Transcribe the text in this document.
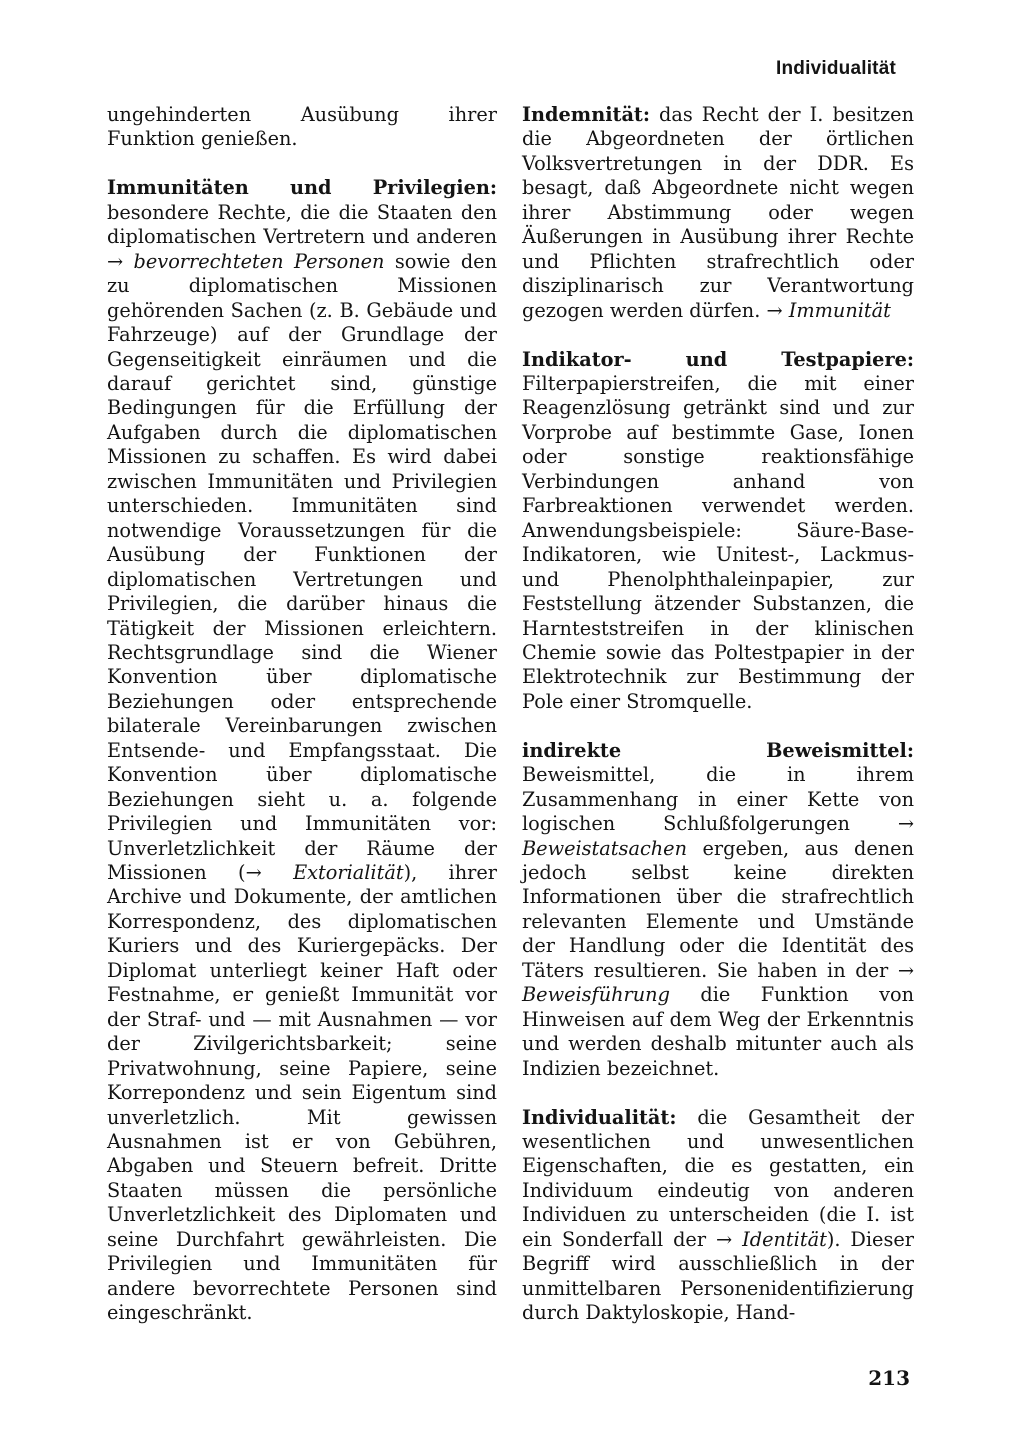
Individualität

ungehinderten Ausübung ihrer Funktion genießen.

Immunitäten und Privilegien: besondere Rechte, die die Staaten den diplomatischen Vertretern und anderen → bevorrechteten Personen sowie den zu diplomatischen Missionen gehörenden Sachen (z. B. Gebäude und Fahrzeuge) auf der Grundlage der Gegenseitigkeit einräumen und die darauf gerichtet sind, günstige Bedingungen für die Erfüllung der Aufgaben durch die diplomatischen Missionen zu schaffen. Es wird dabei zwischen Immunitäten und Privilegien unterschieden. Immunitäten sind notwendige Voraussetzungen für die Ausübung der Funktionen der diplomatischen Vertretungen und Privilegien, die darüber hinaus die Tätigkeit der Missionen erleichtern. Rechtsgrundlage sind die Wiener Konvention über diplomatische Beziehungen oder entsprechende bilaterale Vereinbarungen zwischen Entsende- und Empfangsstaat. Die Konvention über diplomatische Beziehungen sieht u. a. folgende Privilegien und Immunitäten vor: Unverletzlichkeit der Räume der Missionen (→ Extorialität), ihrer Archive und Dokumente, der amtlichen Korrespondenz, des diplomatischen Kuriers und des Kuriergepäcks. Der Diplomat unterliegt keiner Haft oder Festnahme, er genießt Immunität vor der Straf- und — mit Ausnahmen — vor der Zivilgerichtsbarkeit; seine Privatwohnung, seine Papiere, seine Korrepondenz und sein Eigentum sind unverletzlich. Mit gewissen Ausnahmen ist er von Gebühren, Abgaben und Steuern befreit. Dritte Staaten müssen die persönliche Unverletzlichkeit des Diplomaten und seine Durchfahrt gewährleisten. Die Privilegien und Immunitäten für andere bevorrechtete Personen sind eingeschränkt.

Indemnität: das Recht der I. besitzen die Abgeordneten der örtlichen Volksvertretungen in der DDR. Es besagt, daß Abgeordnete nicht wegen ihrer Abstimmung oder wegen Äußerungen in Ausübung ihrer Rechte und Pflichten strafrechtlich oder disziplinarisch zur Verantwortung gezogen werden dürfen. → Immunität

Indikator- und Testpapiere: Filterpapierstreifen, die mit einer Reagenzlösung getränkt sind und zur Vorprobe auf bestimmte Gase, Ionen oder sonstige reaktionsfähige Verbindungen anhand von Farbreaktionen verwendet werden. Anwendungsbeispiele: Säure-Base-Indikatoren, wie Unitest-, Lackmus- und Phenolphthaleinpapier, zur Feststellung ätzender Substanzen, die Harnteststreifen in der klinischen Chemie sowie das Poltestpapier in der Elektrotechnik zur Bestimmung der Pole einer Stromquelle.

indirekte Beweismittel: Beweismittel, die in ihrem Zusammenhang in einer Kette von logischen Schlußfolgerungen → Beweistatsachen ergeben, aus denen jedoch selbst keine direkten Informationen über die strafrechtlich relevanten Elemente und Umstände der Handlung oder die Identität des Täters resultieren. Sie haben in der → Beweisführung die Funktion von Hinweisen auf dem Weg der Erkenntnis und werden deshalb mitunter auch als Indizien bezeichnet.

Individualität: die Gesamtheit der wesentlichen und unwesentlichen Eigenschaften, die es gestatten, ein Individuum eindeutig von anderen Individuen zu unterscheiden (die I. ist ein Sonderfall der → Identität). Dieser Begriff wird ausschließlich in der unmittelbaren Personenidentifizierung durch Daktyloskopie, Hand-

213
